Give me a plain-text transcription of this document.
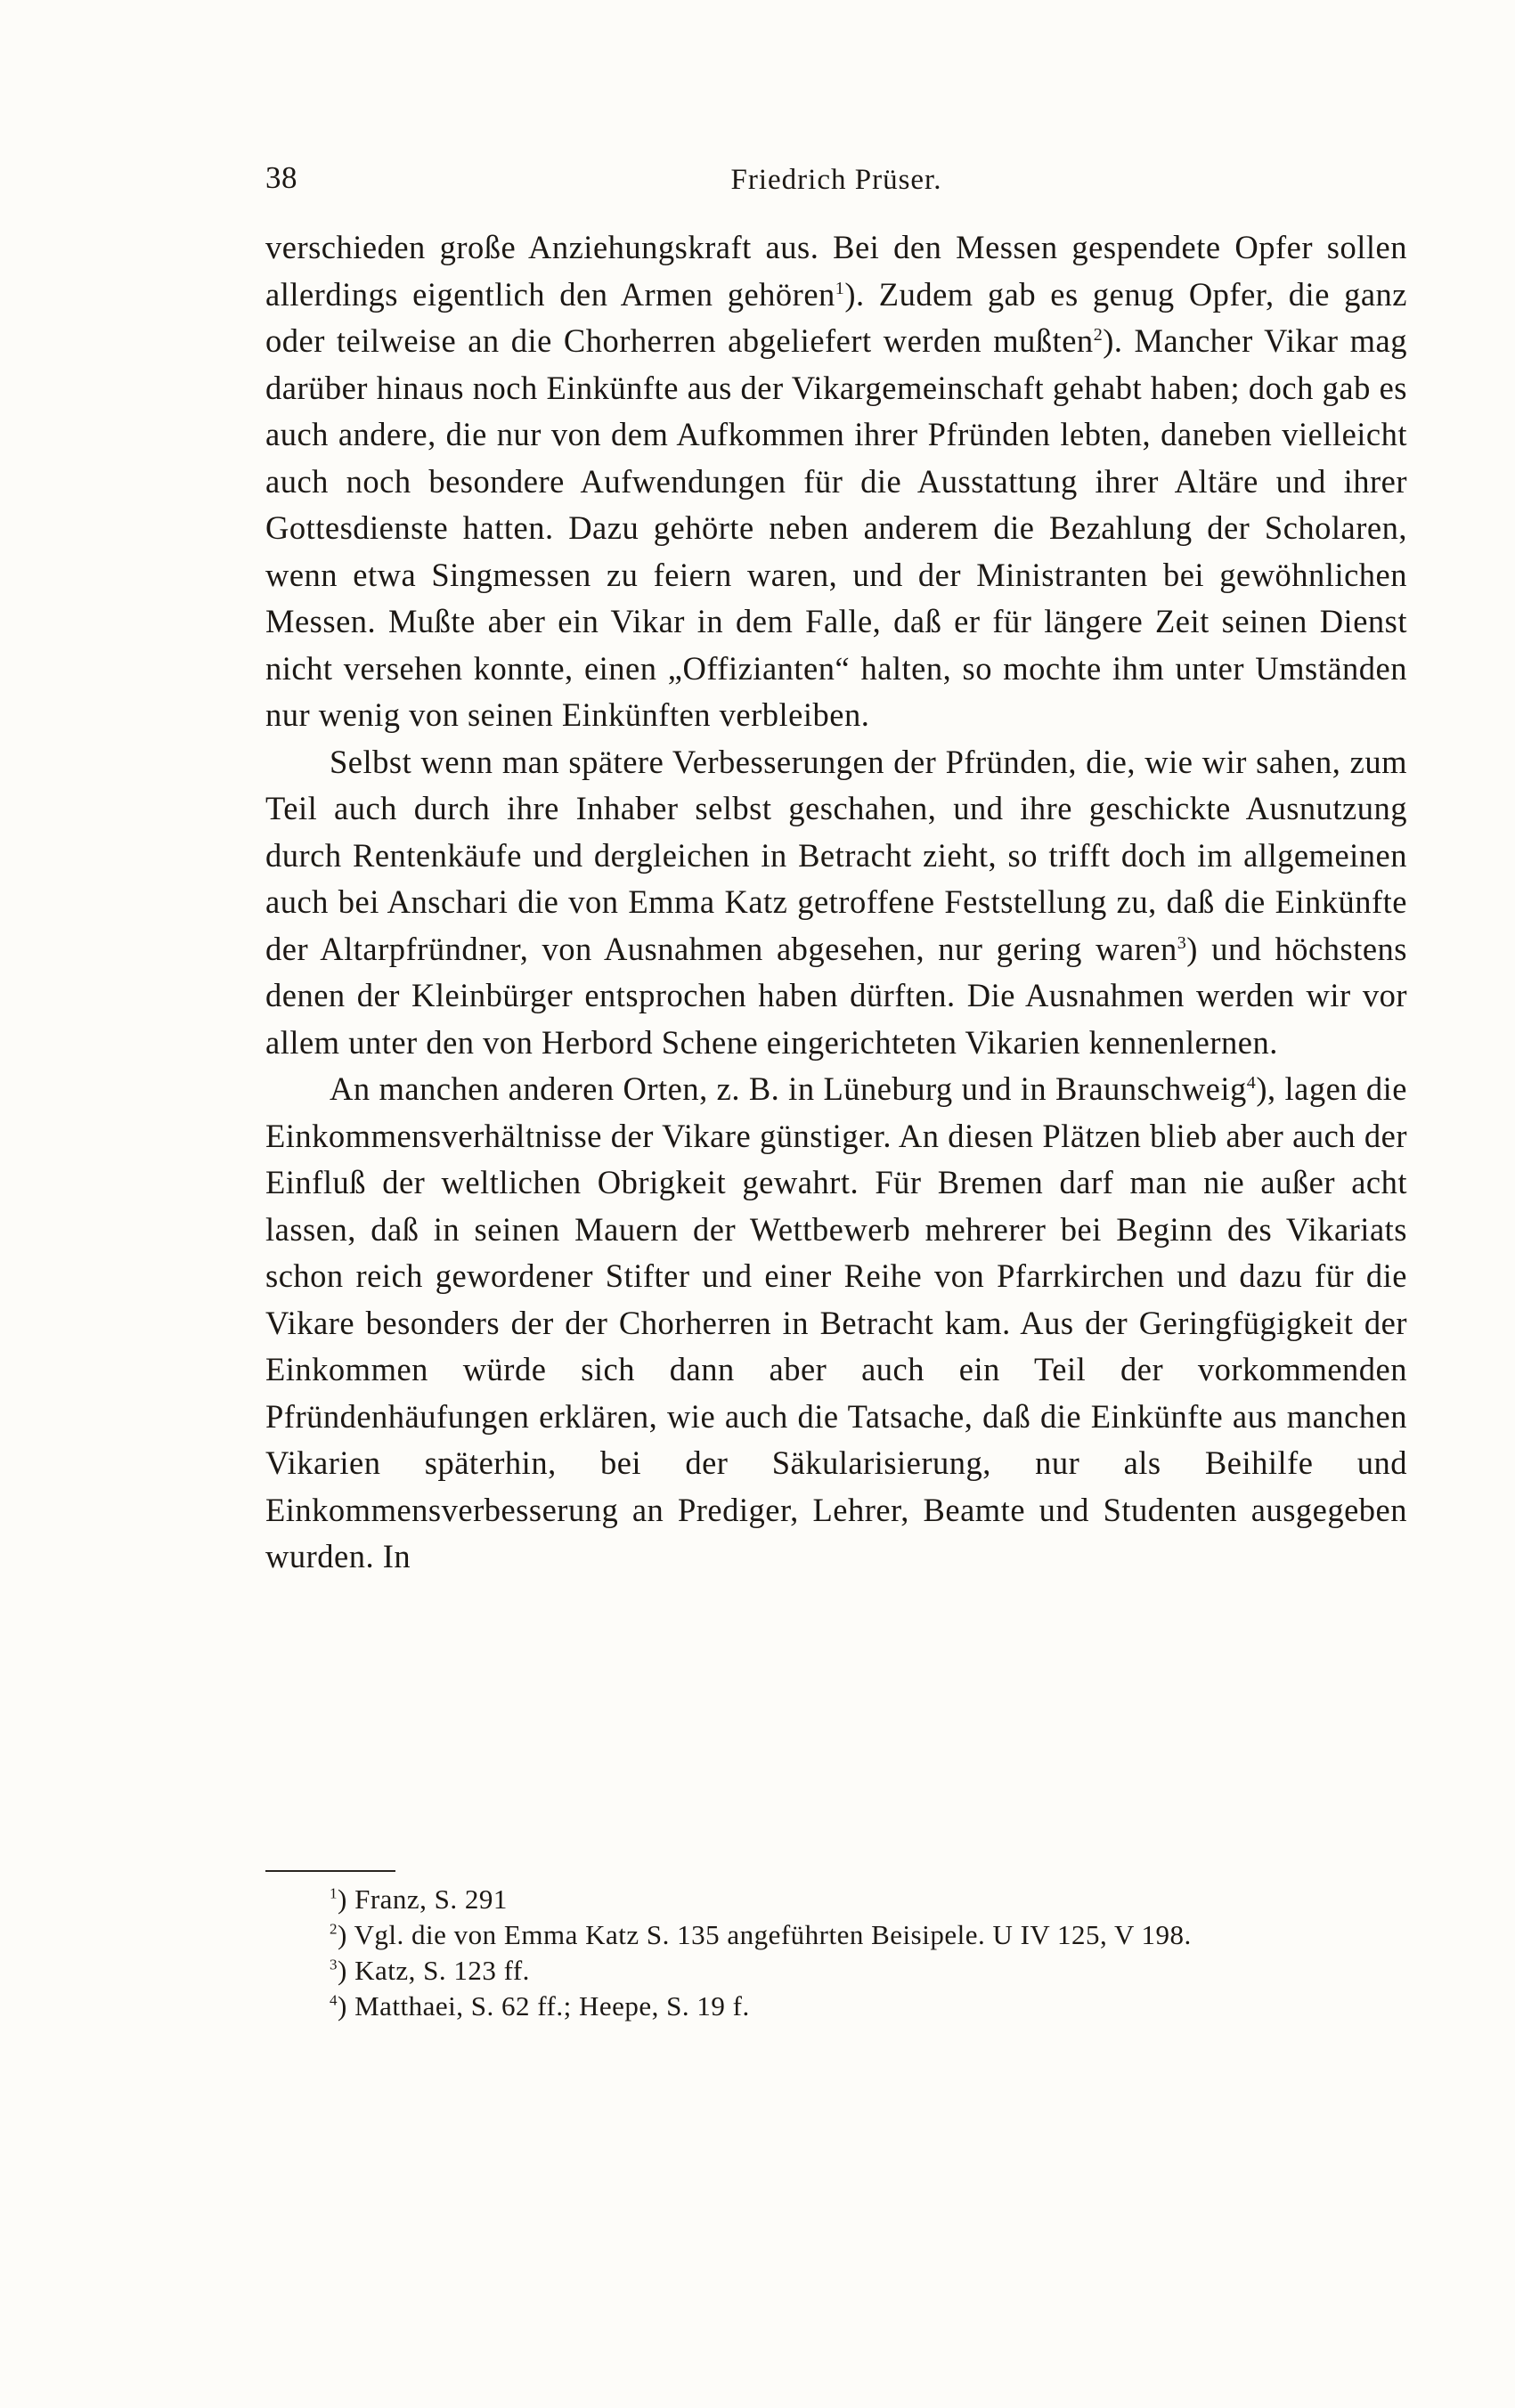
38	Friedrich Prüser.

verschieden große Anziehungskraft aus. Bei den Messen gespendete Opfer sollen allerdings eigentlich den Armen gehören$^1$). Zudem gab es genug Opfer, die ganz oder teilweise an die Chorherren abgeliefert werden mußten$^2$). Mancher Vikar mag darüber hinaus noch Einkünfte aus der Vikargemeinschaft gehabt haben; doch gab es auch andere, die nur von dem Aufkommen ihrer Pfründen lebten, daneben vielleicht auch noch besondere Aufwendungen für die Ausstattung ihrer Altäre und ihrer Gottesdienste hatten. Dazu gehörte neben anderem die Bezahlung der Scholaren, wenn etwa Singmessen zu feiern waren, und der Ministranten bei gewöhnlichen Messen. Mußte aber ein Vikar in dem Falle, daß er für längere Zeit seinen Dienst nicht versehen konnte, einen „Offizianten“ halten, so mochte ihm unter Umständen nur wenig von seinen Einkünften verbleiben.

Selbst wenn man spätere Verbesserungen der Pfründen, die, wie wir sahen, zum Teil auch durch ihre Inhaber selbst geschahen, und ihre geschickte Ausnutzung durch Rentenkäufe und dergleichen in Betracht zieht, so trifft doch im allgemeinen auch bei Anschari die von Emma Katz getroffene Feststellung zu, daß die Einkünfte der Altarpfründner, von Ausnahmen abgesehen, nur gering waren$^3$) und höchstens denen der Kleinbürger entsprochen haben dürften. Die Ausnahmen werden wir vor allem unter den von Herbord Schene eingerichteten Vikarien kennenlernen.

An manchen anderen Orten, z. B. in Lüneburg und in Braunschweig$^4$), lagen die Einkommensverhältnisse der Vikare günstiger. An diesen Plätzen blieb aber auch der Einfluß der weltlichen Obrigkeit gewahrt. Für Bremen darf man nie außer acht lassen, daß in seinen Mauern der Wettbewerb mehrerer bei Beginn des Vikariats schon reich gewordener Stifter und einer Reihe von Pfarrkirchen und dazu für die Vikare besonders der der Chorherren in Betracht kam. Aus der Geringfügigkeit der Einkommen würde sich dann aber auch ein Teil der vorkommenden Pfründenhäufungen erklären, wie auch die Tatsache, daß die Einkünfte aus manchen Vikarien späterhin, bei der Säkularisierung, nur als Beihilfe und Einkommensverbesserung an Prediger, Lehrer, Beamte und Studenten ausgegeben wurden. In

$^1$) Franz, S. 291

$^2$) Vgl. die von Emma Katz S. 135 angeführten Beisipele. U IV 125, V 198.

$^3$) Katz, S. 123 ff.

$^4$) Matthaei, S. 62 ff.; Heepe, S. 19 f.
